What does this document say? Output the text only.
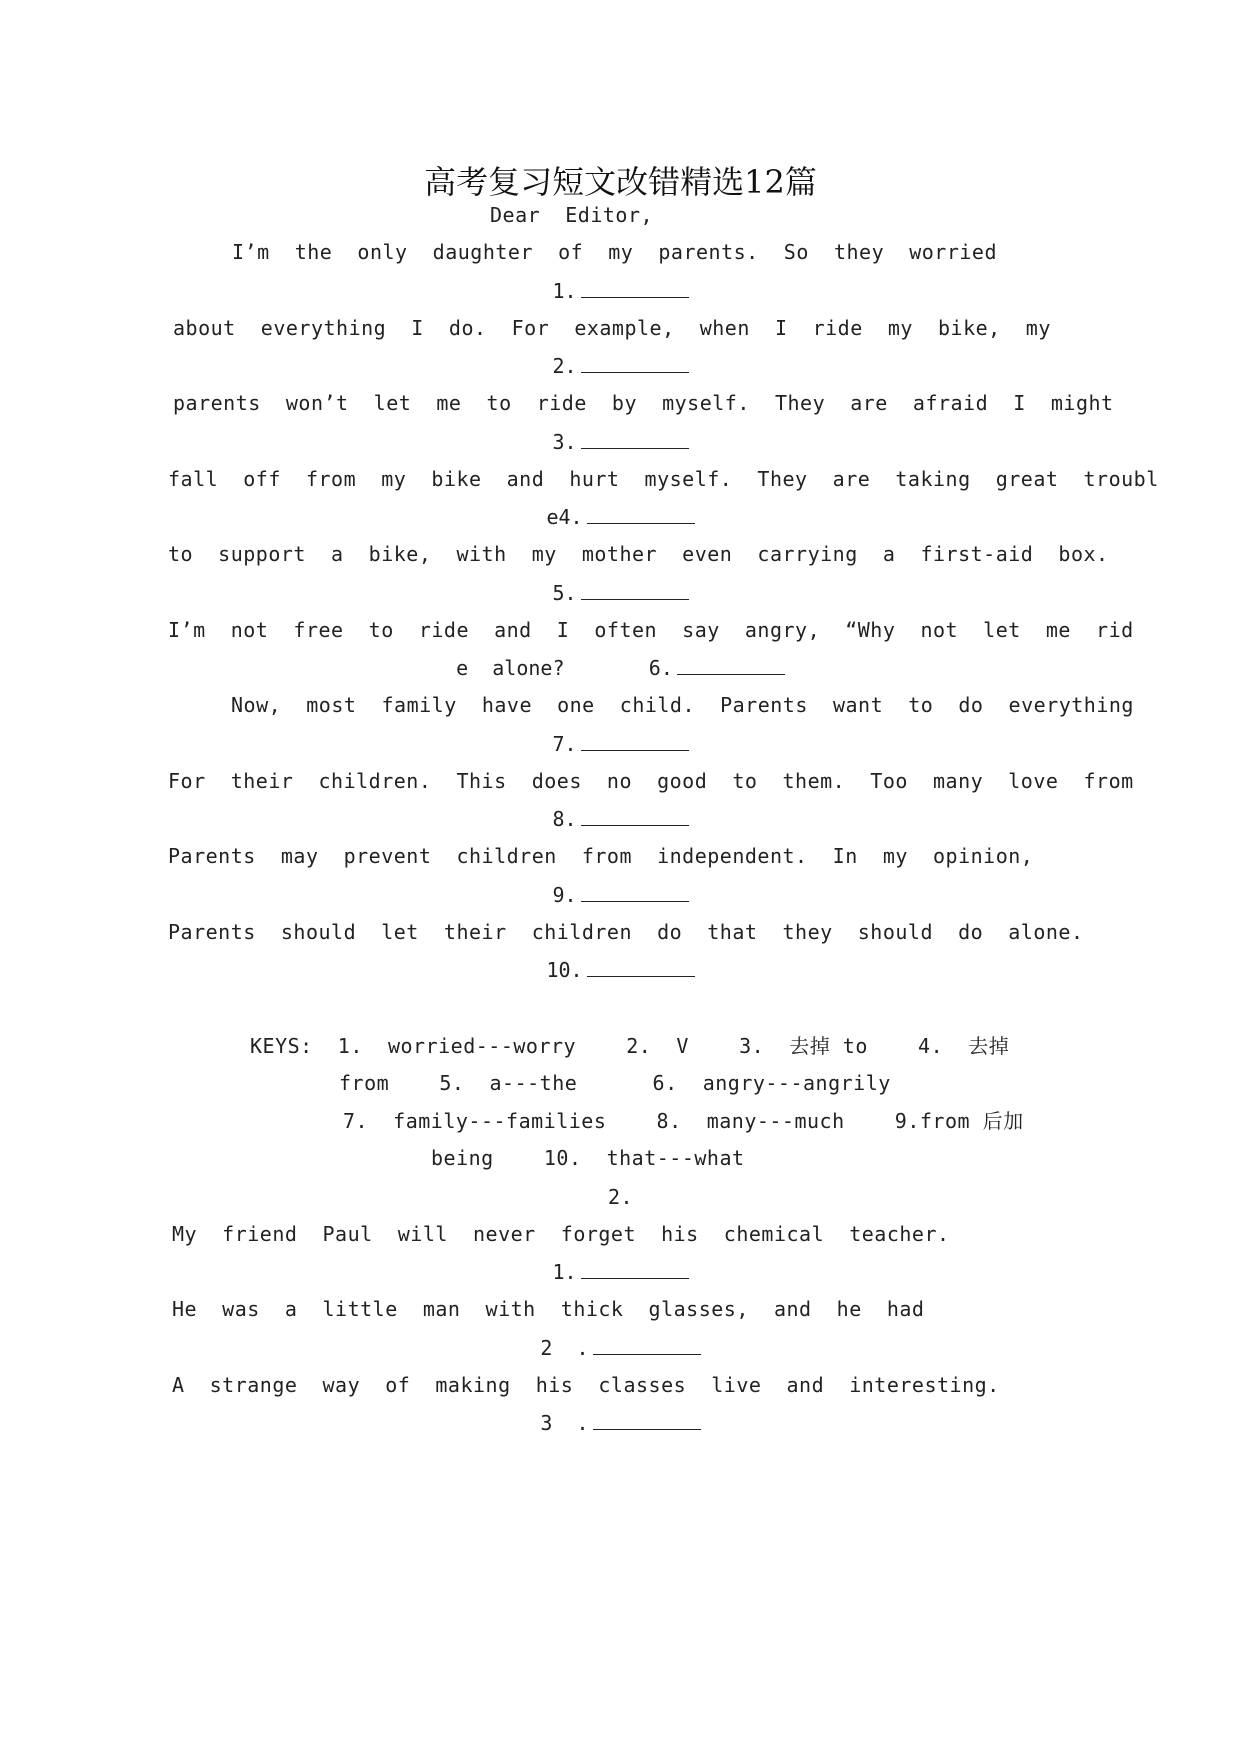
高考复习短文改错精选12篇
Dear  Editor,
I’m  the  only  daughter  of  my  parents.  So  they  worried
1.
about  everything  I  do.  For  example,  when  I  ride  my  bike,  my
2.
parents  won’t  let  me  to  ride  by  myself.  They  are  afraid  I  might
3.
fall  off  from  my  bike  and  hurt  myself.  They  are  taking  great  troubl
e4.
to  support  a  bike,  with  my  mother  even  carrying  a  first-aid  box.
5.
I’m  not  free  to  ride  and  I  often  say  angry,  “Why  not  let  me  rid
e  alone?       6.
Now,  most  family  have  one  child.  Parents  want  to  do  everything
7.
For  their  children.  This  does  no  good  to  them.  Too  many  love  from
8.
Parents  may  prevent  children  from  independent.  In  my  opinion,
9.
Parents  should  let  their  children  do  that  they  should  do  alone.
10.
KEYS:  1.  worried---worry    2.  V    3.  去掉 to    4.  去掉
from    5.  a---the      6.  angry---angrily
7.  family---families    8.  many---much    9.from 后加
being    10.  that---what
2.
My  friend  Paul  will  never  forget  his  chemical  teacher.
1.
He  was  a  little  man  with  thick  glasses,  and  he  had
2  .
A  strange  way  of  making  his  classes  live  and  interesting.
3  .
